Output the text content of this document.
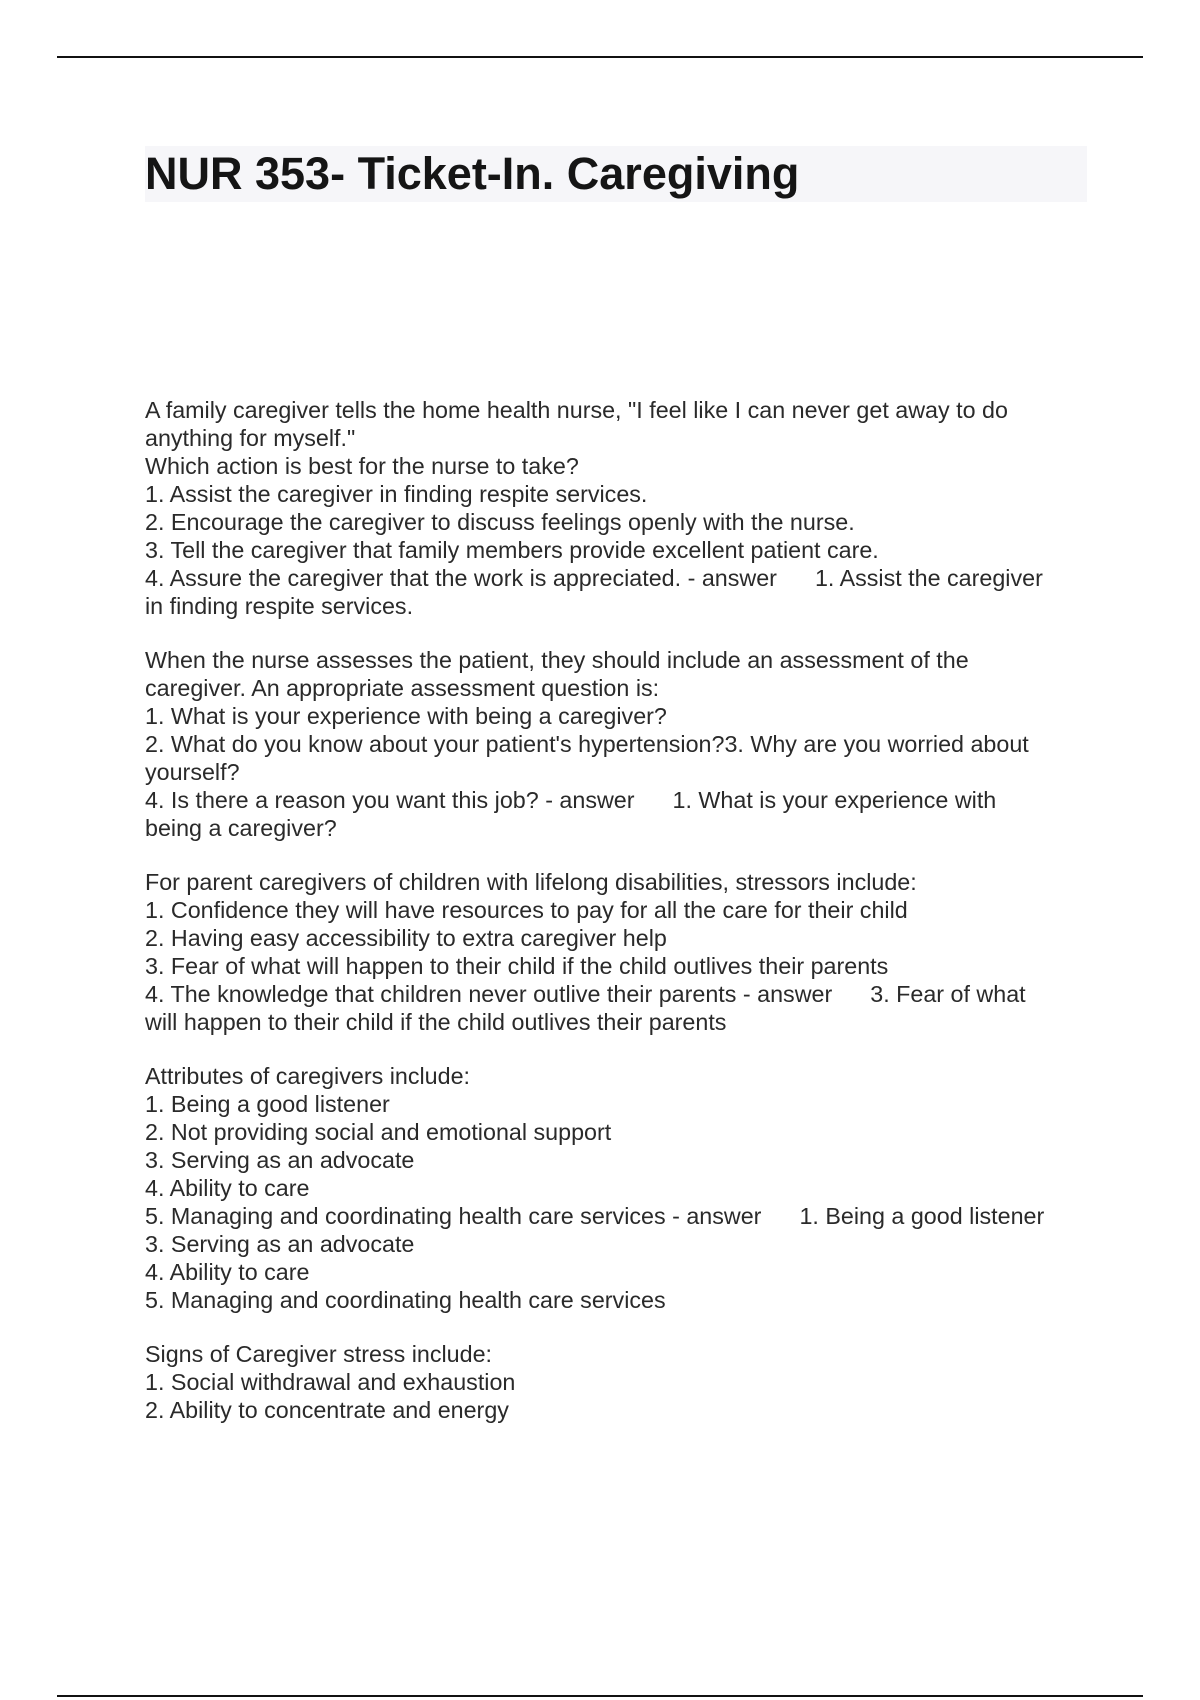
NUR 353- Ticket-In. Caregiving
A family caregiver tells the home health nurse, "I feel like I can never get away to do
anything for myself."
Which action is best for the nurse to take?
1. Assist the caregiver in finding respite services.
2. Encourage the caregiver to discuss feelings openly with the nurse.
3. Tell the caregiver that family members provide excellent patient care.
4. Assure the caregiver that the work is appreciated. - answer 1. Assist the caregiver
in finding respite services.
When the nurse assesses the patient, they should include an assessment of the
caregiver. An appropriate assessment question is:
1. What is your experience with being a caregiver?
2. What do you know about your patient's hypertension?3. Why are you worried about
yourself?
4. Is there a reason you want this job? - answer 1. What is your experience with
being a caregiver?
For parent caregivers of children with lifelong disabilities, stressors include:
1. Confidence they will have resources to pay for all the care for their child
2. Having easy accessibility to extra caregiver help
3. Fear of what will happen to their child if the child outlives their parents
4. The knowledge that children never outlive their parents - answer 3. Fear of what
will happen to their child if the child outlives their parents
Attributes of caregivers include:
1. Being a good listener
2. Not providing social and emotional support
3. Serving as an advocate
4. Ability to care
5. Managing and coordinating health care services - answer 1. Being a good listener
3. Serving as an advocate
4. Ability to care
5. Managing and coordinating health care services
Signs of Caregiver stress include:
1. Social withdrawal and exhaustion
2. Ability to concentrate and energy
